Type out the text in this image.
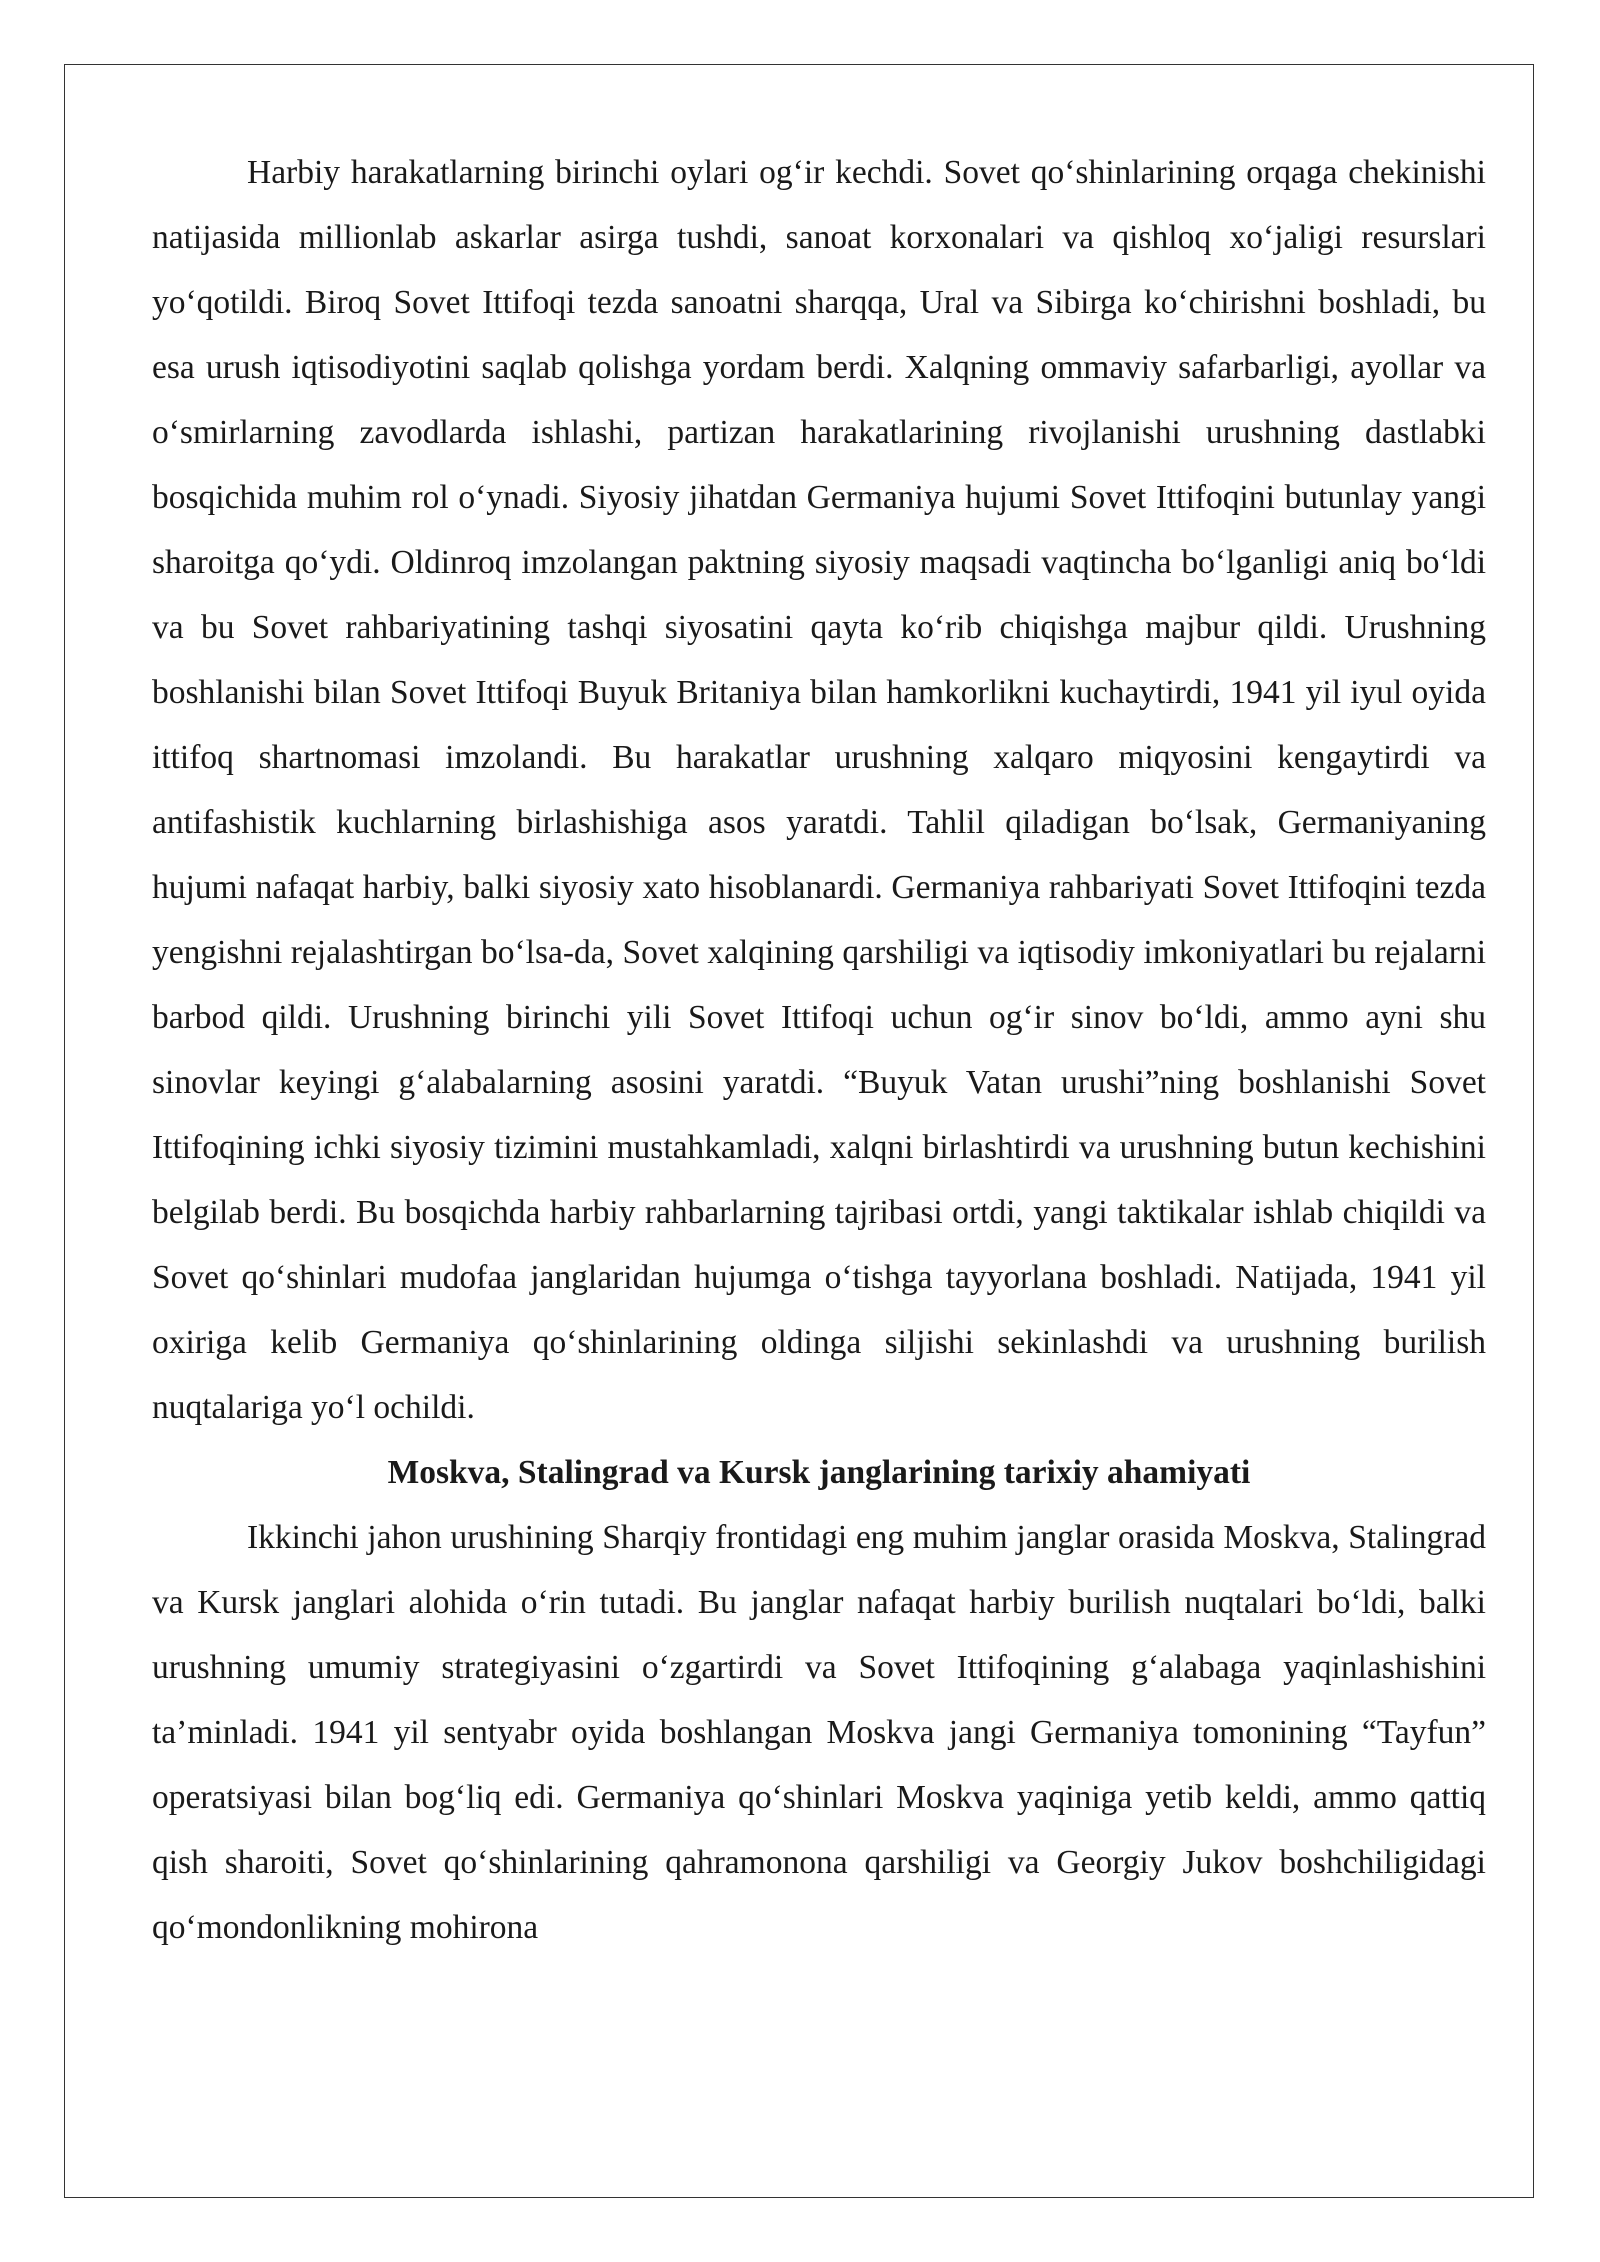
Harbiy harakatlarning birinchi oylari og‘ir kechdi. Sovet qo‘shinlarining orqaga chekinishi natijasida millionlab askarlar asirga tushdi, sanoat korxonalari va qishloq xo‘jaligi resurslari yo‘qotildi. Biroq Sovet Ittifoqi tezda sanoatni sharqqa, Ural va Sibirga ko‘chirishni boshladi, bu esa urush iqtisodiyotini saqlab qolishga yordam berdi. Xalqning ommaviy safarbarligi, ayollar va o‘smirlarning zavodlarda ishlashi, partizan harakatlarining rivojlanishi urushning dastlabki bosqichida muhim rol o‘ynadi. Siyosiy jihatdan Germaniya hujumi Sovet Ittifoqini butunlay yangi sharoitga qo‘ydi. Oldinroq imzolangan paktning siyosiy maqsadi vaqtincha bo‘lganligi aniq bo‘ldi va bu Sovet rahbariyatining tashqi siyosatini qayta ko‘rib chiqishga majbur qildi. Urushning boshlanishi bilan Sovet Ittifoqi Buyuk Britaniya bilan hamkorlikni kuchaytirdi, 1941 yil iyul oyida ittifoq shartnomasi imzolandi. Bu harakatlar urushning xalqaro miqyosini kengaytirdi va antifashistik kuchlarning birlashishiga asos yaratdi. Tahlil qiladigan bo‘lsak, Germaniyaning hujumi nafaqat harbiy, balki siyosiy xato hisoblanardi. Germaniya rahbariyati Sovet Ittifoqini tezda yengishni rejalashtirgan bo‘lsa-da, Sovet xalqining qarshiligi va iqtisodiy imkoniyatlari bu rejalarni barbod qildi. Urushning birinchi yili Sovet Ittifoqi uchun og‘ir sinov bo‘ldi, ammo ayni shu sinovlar keyingi g‘alabalarning asosini yaratdi. “Buyuk Vatan urushi”ning boshlanishi Sovet Ittifoqining ichki siyosiy tizimini mustahkamladi, xalqni birlashtirdi va urushning butun kechishini belgilab berdi. Bu bosqichda harbiy rahbarlarning tajribasi ortdi, yangi taktikalar ishlab chiqildi va Sovet qo‘shinlari mudofaa janglaridan hujumga o‘tishga tayyorlana boshladi. Natijada, 1941 yil oxiriga kelib Germaniya qo‘shinlarining oldinga siljishi sekinlashdi va urushning burilish nuqtalariga yo‘l ochildi.

Moskva, Stalingrad va Kursk janglarining tarixiy ahamiyati

Ikkinchi jahon urushining Sharqiy frontidagi eng muhim janglar orasida Moskva, Stalingrad va Kursk janglari alohida o‘rin tutadi. Bu janglar nafaqat harbiy burilish nuqtalari bo‘ldi, balki urushning umumiy strategiyasini o‘zgartirdi va Sovet Ittifoqining g‘alabaga yaqinlashishini ta’minladi. 1941 yil sentyabr oyida boshlangan Moskva jangi Germaniya tomonining “Tayfun” operatsiyasi bilan bog‘liq edi. Germaniya qo‘shinlari Moskva yaqiniga yetib keldi, ammo qattiq qish sharoiti, Sovet qo‘shinlarining qahramonona qarshiligi va Georgiy Jukov boshchiligidagi qo‘mondonlikning mohirona
